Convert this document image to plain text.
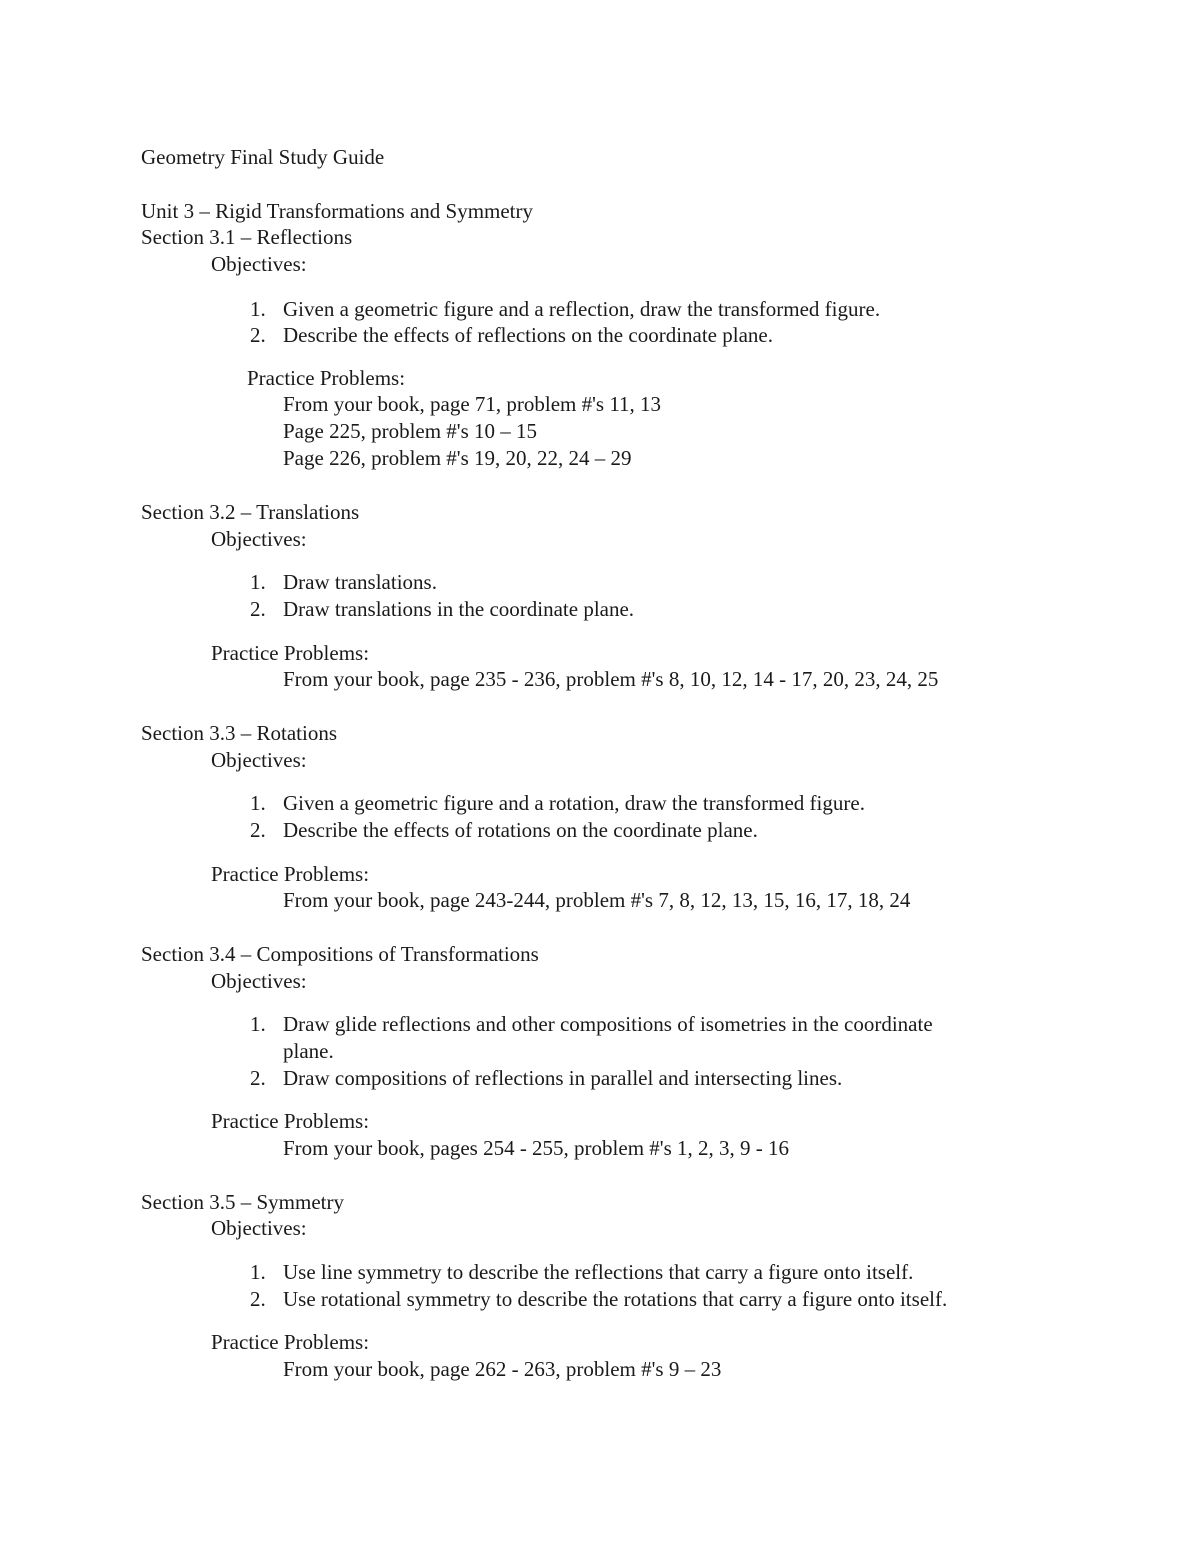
Geometry Final Study Guide
Unit 3 – Rigid Transformations and Symmetry
Section 3.1 – Reflections
Objectives:
1. Given a geometric figure and a reflection, draw the transformed figure.
2. Describe the effects of reflections on the coordinate plane.
Practice Problems:
From your book, page 71, problem #'s 11, 13
Page 225, problem #'s 10 – 15
Page 226, problem #'s 19, 20, 22, 24 – 29
Section 3.2 – Translations
Objectives:
1. Draw translations.
2. Draw translations in the coordinate plane.
Practice Problems:
From your book, page 235 - 236, problem #'s 8, 10, 12, 14 - 17, 20, 23, 24, 25
Section 3.3 – Rotations
Objectives:
1. Given a geometric figure and a rotation, draw the transformed figure.
2. Describe the effects of rotations on the coordinate plane.
Practice Problems:
From your book, page 243-244, problem #'s 7, 8, 12, 13, 15, 16, 17, 18, 24
Section 3.4 – Compositions of Transformations
Objectives:
1. Draw glide reflections and other compositions of isometries in the coordinate
plane.
2. Draw compositions of reflections in parallel and intersecting lines.
Practice Problems:
From your book, pages 254 - 255, problem #'s 1, 2, 3, 9 - 16
Section 3.5 – Symmetry
Objectives:
1. Use line symmetry to describe the reflections that carry a figure onto itself.
2. Use rotational symmetry to describe the rotations that carry a figure onto itself.
Practice Problems:
From your book, page 262 - 263, problem #'s 9 – 23
